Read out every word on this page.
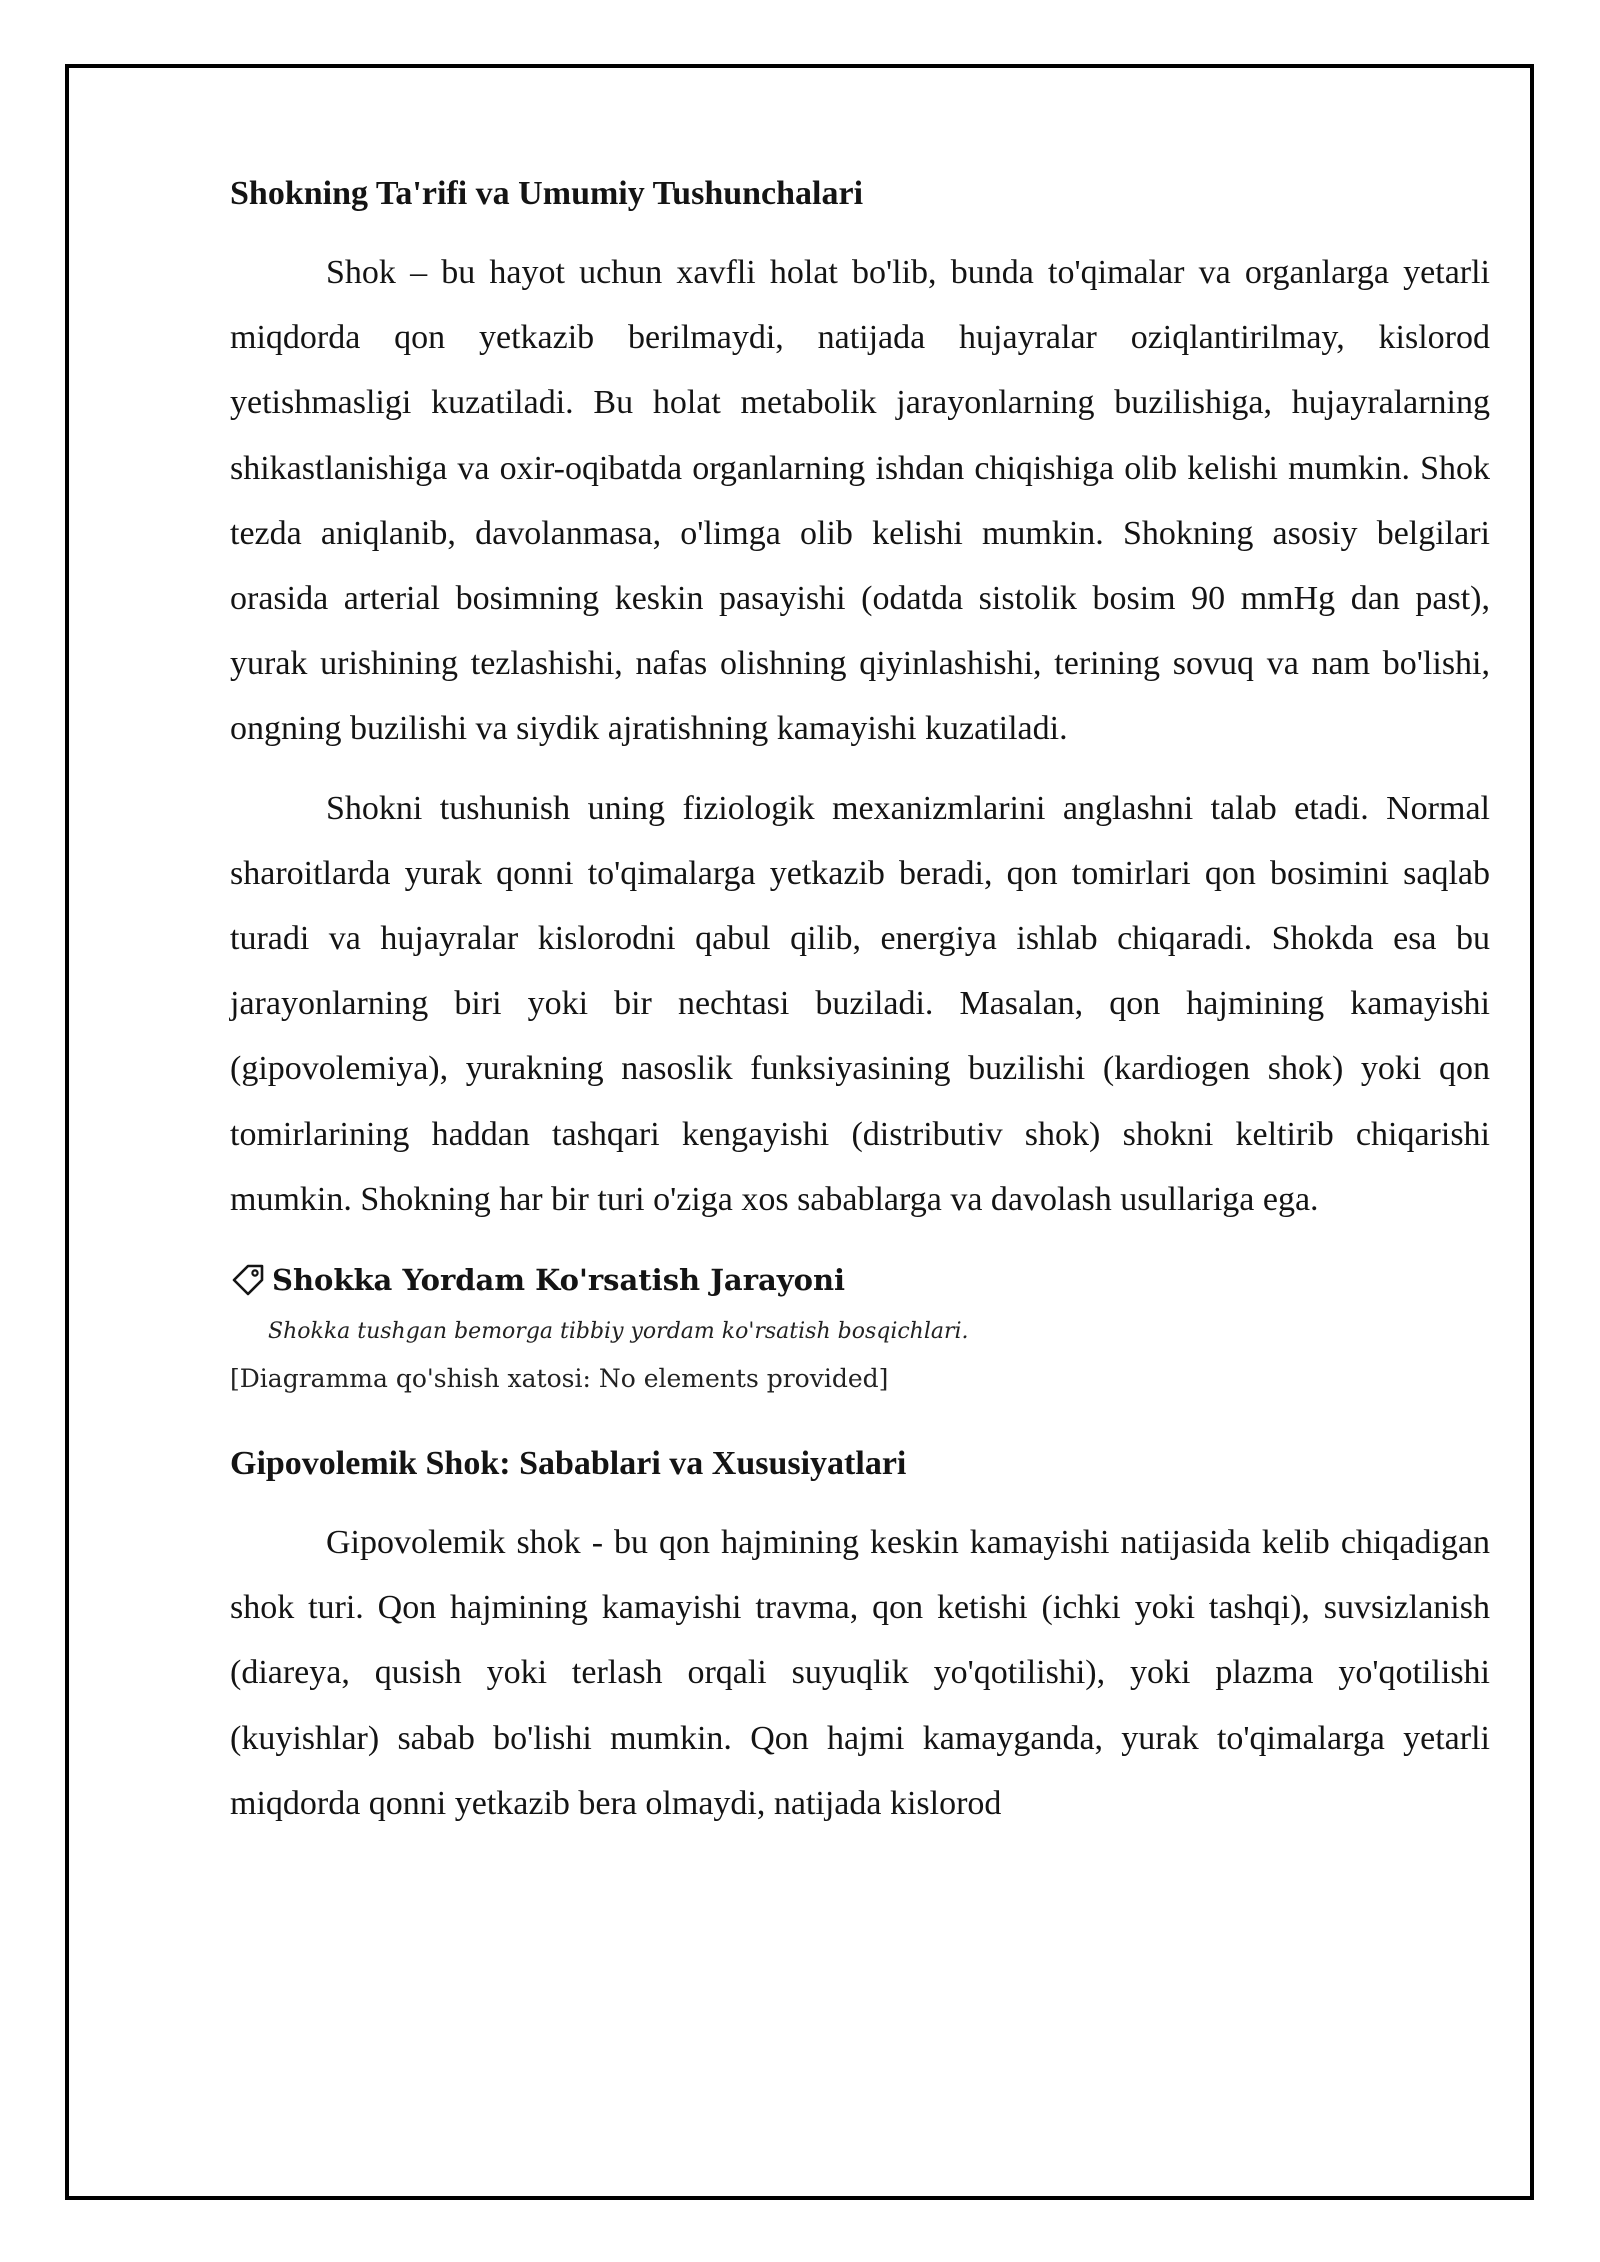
Shokning Ta'rifi va Umumiy Tushunchalari

Shok – bu hayot uchun xavfli holat bo'lib, bunda to'qimalar va organlarga yetarli miqdorda qon yetkazib berilmaydi, natijada hujayralar oziqlantirilmay, kislorod yetishmasligi kuzatiladi. Bu holat metabolik jarayonlarning buzilishiga, hujayralarning shikastlanishiga va oxir-oqibatda organlarning ishdan chiqishiga olib kelishi mumkin. Shok tezda aniqlanib, davolanmasa, o'limga olib kelishi mumkin. Shokning asosiy belgilari orasida arterial bosimning keskin pasayishi (odatda sistolik bosim 90 mmHg dan past), yurak urishining tezlashishi, nafas olishning qiyinlashishi, terining sovuq va nam bo'lishi, ongning buzilishi va siydik ajratishning kamayishi kuzatiladi.

Shokni tushunish uning fiziologik mexanizmlarini anglashni talab etadi. Normal sharoitlarda yurak qonni to'qimalarga yetkazib beradi, qon tomirlari qon bosimini saqlab turadi va hujayralar kislorodni qabul qilib, energiya ishlab chiqaradi. Shokda esa bu jarayonlarning biri yoki bir nechtasi buziladi. Masalan, qon hajmining kamayishi (gipovolemiya), yurakning nasoslik funksiyasining buzilishi (kardiogen shok) yoki qon tomirlarining haddan tashqari kengayishi (distributiv shok) shokni keltirib chiqarishi mumkin. Shokning har bir turi o'ziga xos sabablarga va davolash usullariga ega.

Shokka Yordam Ko'rsatish Jarayoni
Shokka tushgan bemorga tibbiy yordam ko'rsatish bosqichlari.
[Diagramma qo'shish xatosi: No elements provided]
Gipovolemik Shok: Sabablari va Xususiyatlari

Gipovolemik shok - bu qon hajmining keskin kamayishi natijasida kelib chiqadigan shok turi. Qon hajmining kamayishi travma, qon ketishi (ichki yoki tashqi), suvsizlanish (diareya, qusish yoki terlash orqali suyuqlik yo'qotilishi), yoki plazma yo'qotilishi (kuyishlar) sabab bo'lishi mumkin. Qon hajmi kamayganda, yurak to'qimalarga yetarli miqdorda qonni yetkazib bera olmaydi, natijada kislorod
